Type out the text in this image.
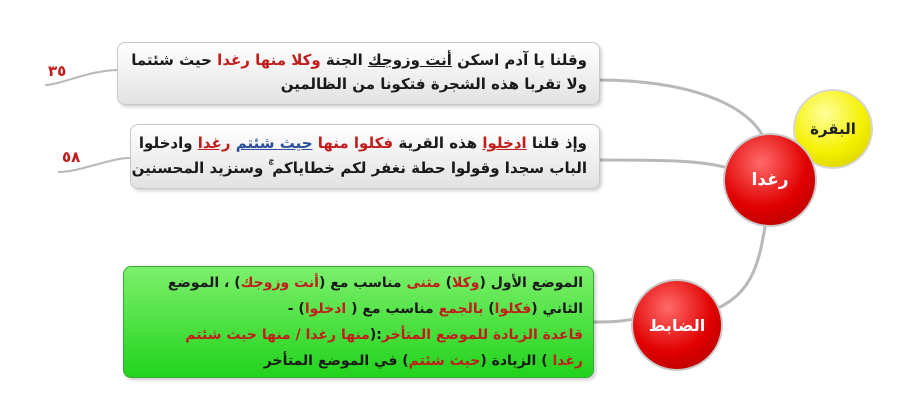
٣٥
٥٨
وقلنا يا آدم اسكن أنت وزوجك الجنة وكلا منها رغدا حيث شئتما
ولا تقربا هذه الشجرة فتكونا من الظالمين
وإذ قلنا ادخلوا هذه القرية فكلوا منها حيث شئتم رغدا وادخلوا
الباب سجدا وقولوا حطة نغفر لكم خطاياكم ۚ وسنزيد المحسنين
الموضع الأول (وكلا) مثنى مناسب مع (أنت وزوجك) ، الموضع
الثاني (فكلوا) بالجمع مناسب مع ( ادخلوا) -
قاعدة الزيادة للموضع المتأخر:(منها رغدا / منها حيث شئتم
رغدا ) الزيادة (حيث شئتم) في الموضع المتأخر
البقرة
رغدا
الضابط
